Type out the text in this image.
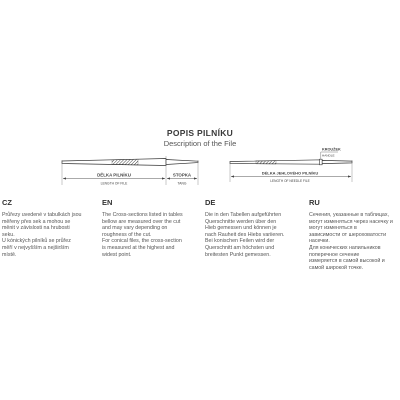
POPIS PILNÍKU
Description of the File
DÉLKA PILNÍKU
LENGTH OF FILE
STOPKA
TANG
KROUŽEK
HANDLE
DÉLKA JEHLOVÉHO PILNÍKU
LENGTH OF NEEDLE FILE
CZ

Průřezy uvedené v tabulkách jsou
měřeny přes sek a mohou se
měnit v závislosti na hrubosti
seku.
U kónických pilníků se průřez
měří v nejvyšším a nejširším
místě.

EN

The Cross-sections listed in tables
bellow are measured over the cut
and may vary depending on
roughness of the cut.
For conical files, the cross-section
is measured at the highest and
widest point.

DE

Die in den Tabellen aufgeführten
Querschnitte werden über den
Hieb gemessen und können je
nach Rauheit des Hiebs variieren.
Bei konischen Feilen wird der
Querschnitt am höchsten und
breitesten Punkt gemessen.

RU

Сечения, указанные в таблицах,
могут изменяться через насечку и
могут изменяться в
зависимости от шероховатости
насечки.
Для конических напильников
поперечное сечение
измеряется в самой высокой и
самой широкой точке.
